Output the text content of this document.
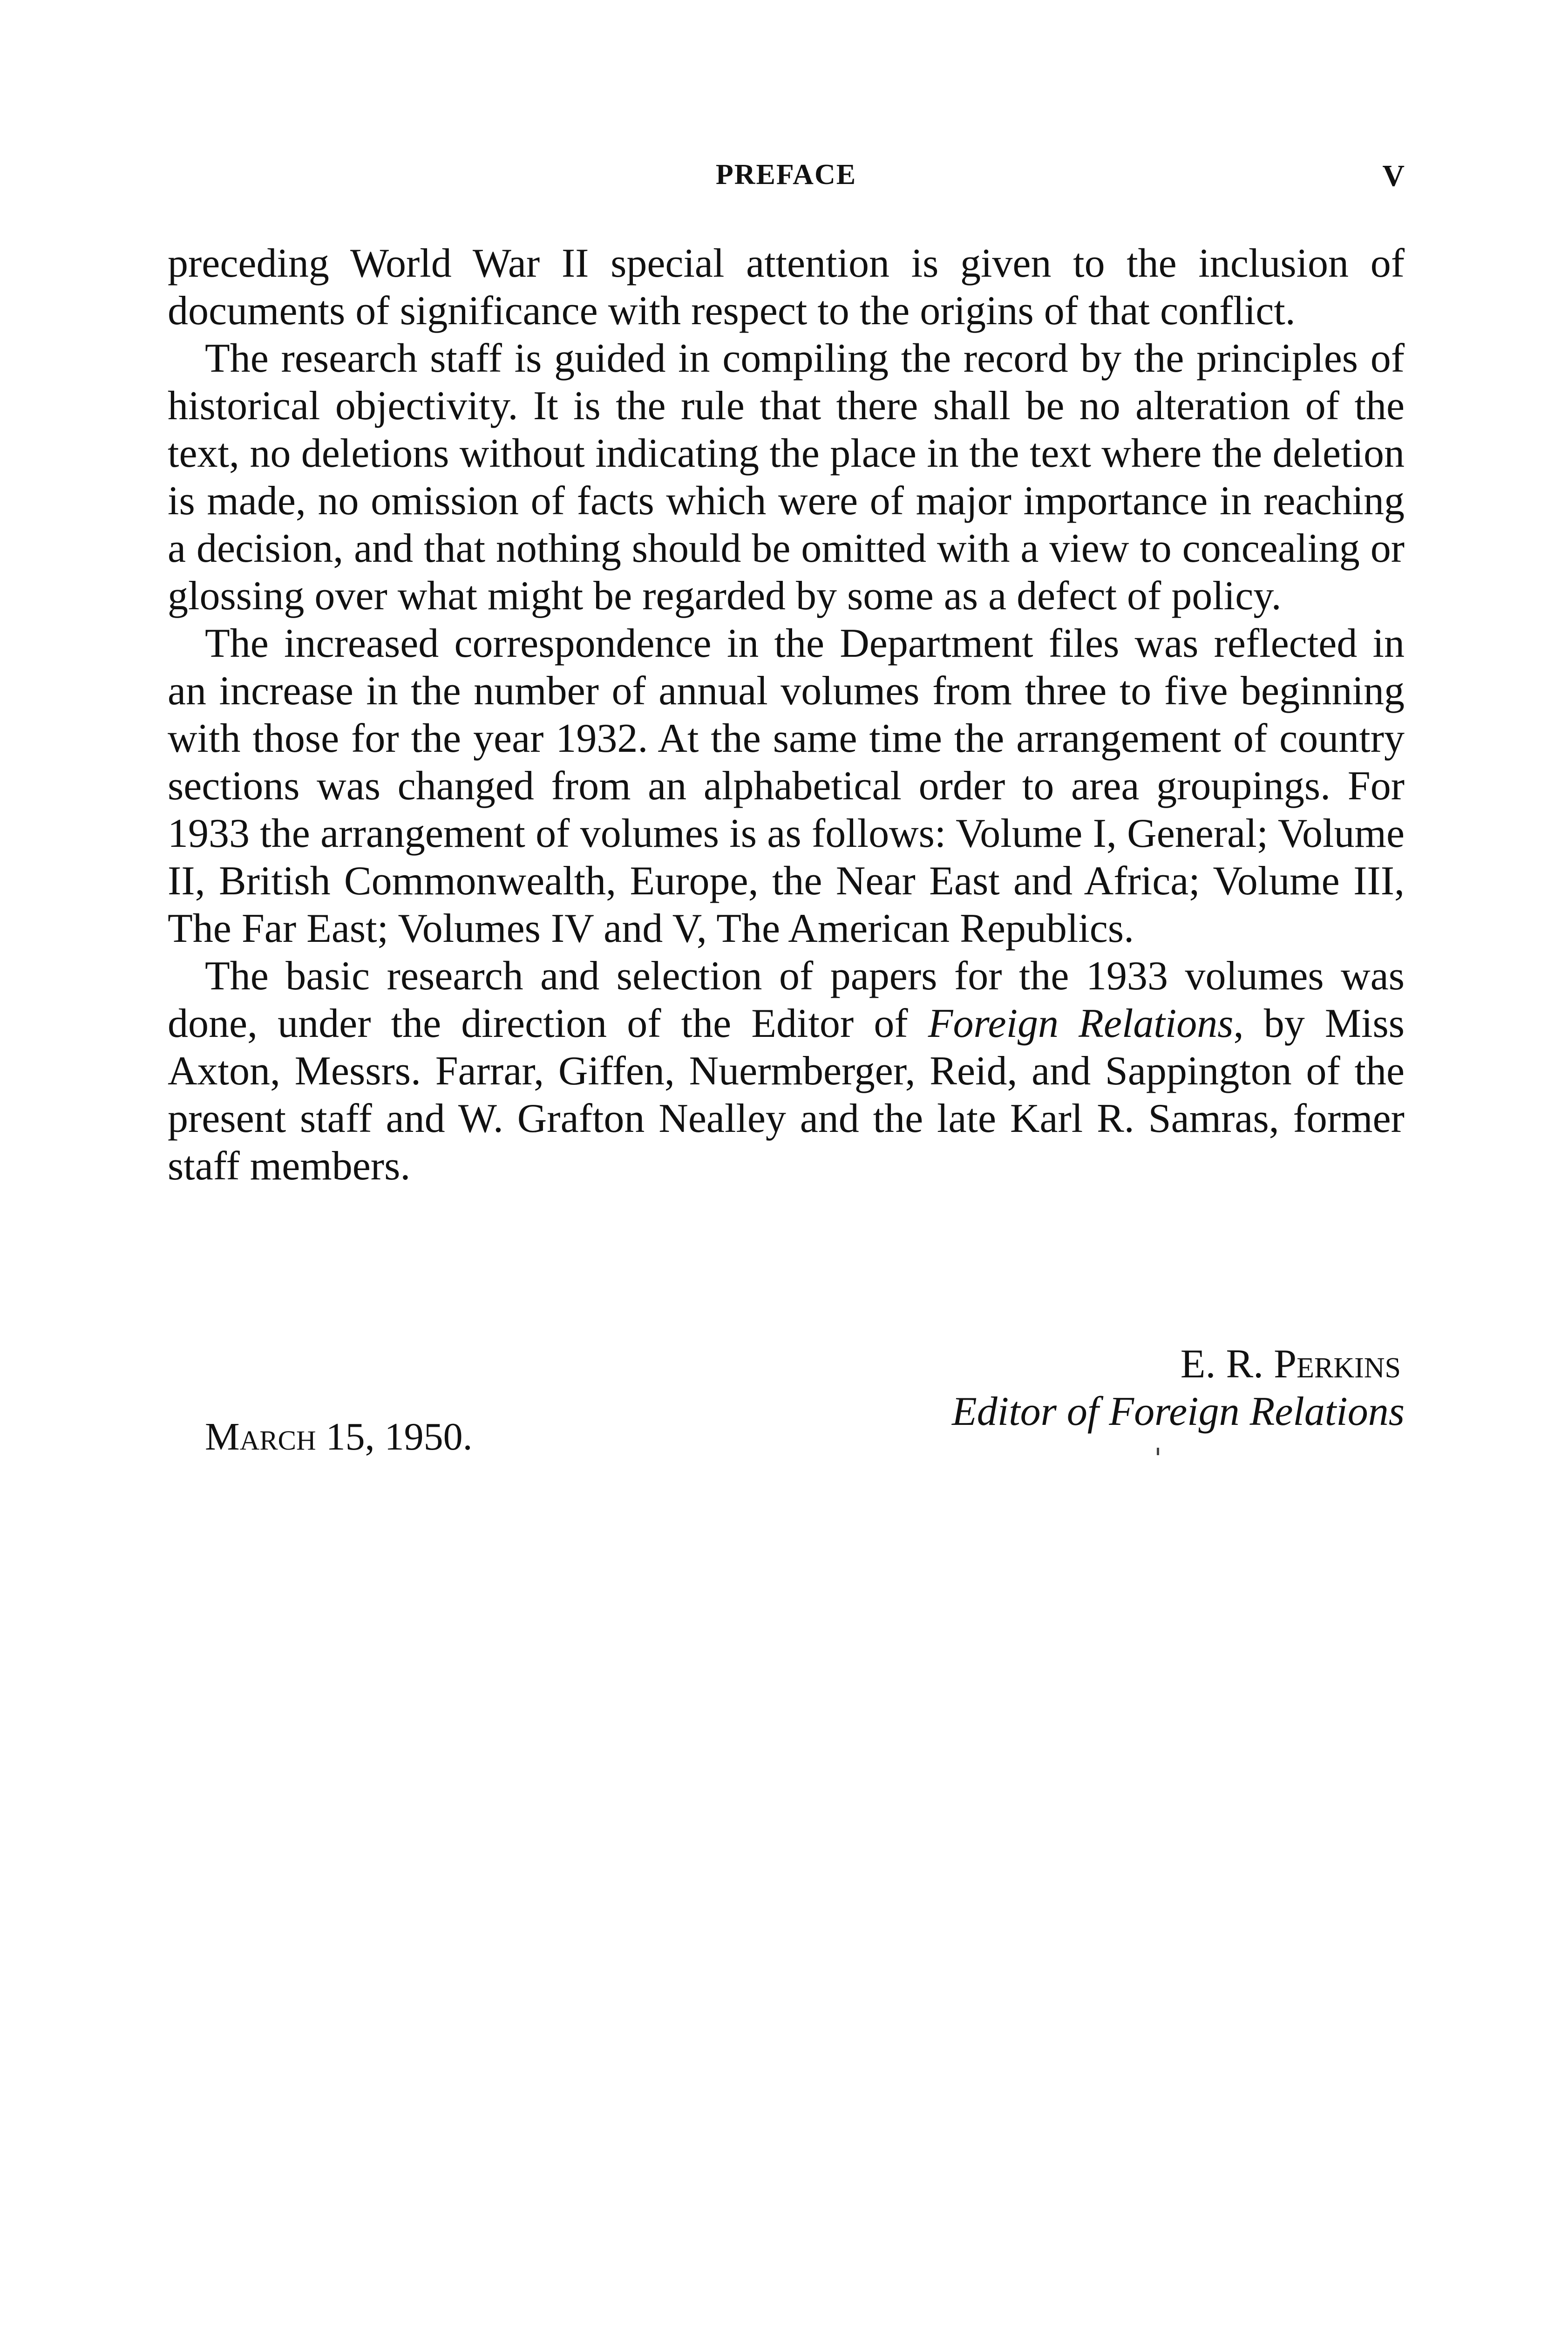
PREFACE	V

preceding World War II special attention is given to the inclusion of documents of significance with respect to the origins of that conflict.

The research staff is guided in compiling the record by the principles of historical objectivity. It is the rule that there shall be no alteration of the text, no deletions without indicating the place in the text where the deletion is made, no omission of facts which were of major importance in reaching a decision, and that nothing should be omitted with a view to concealing or glossing over what might be regarded by some as a defect of policy.

The increased correspondence in the Department files was reflected in an increase in the number of annual volumes from three to five beginning with those for the year 1932. At the same time the arrangement of country sections was changed from an alphabetical order to area groupings. For 1933 the arrangement of volumes is as follows: Volume I, General; Volume II, British Commonwealth, Europe, the Near East and Africa; Volume III, The Far East; Volumes IV and V, The American Republics.

The basic research and selection of papers for the 1933 volumes was done, under the direction of the Editor of Foreign Relations, by Miss Axton, Messrs. Farrar, Giffen, Nuermberger, Reid, and Sappington of the present staff and W. Grafton Nealley and the late Karl R. Samras, former staff members.

E. R. Perkins
Editor of Foreign Relations
March 15, 1950.
